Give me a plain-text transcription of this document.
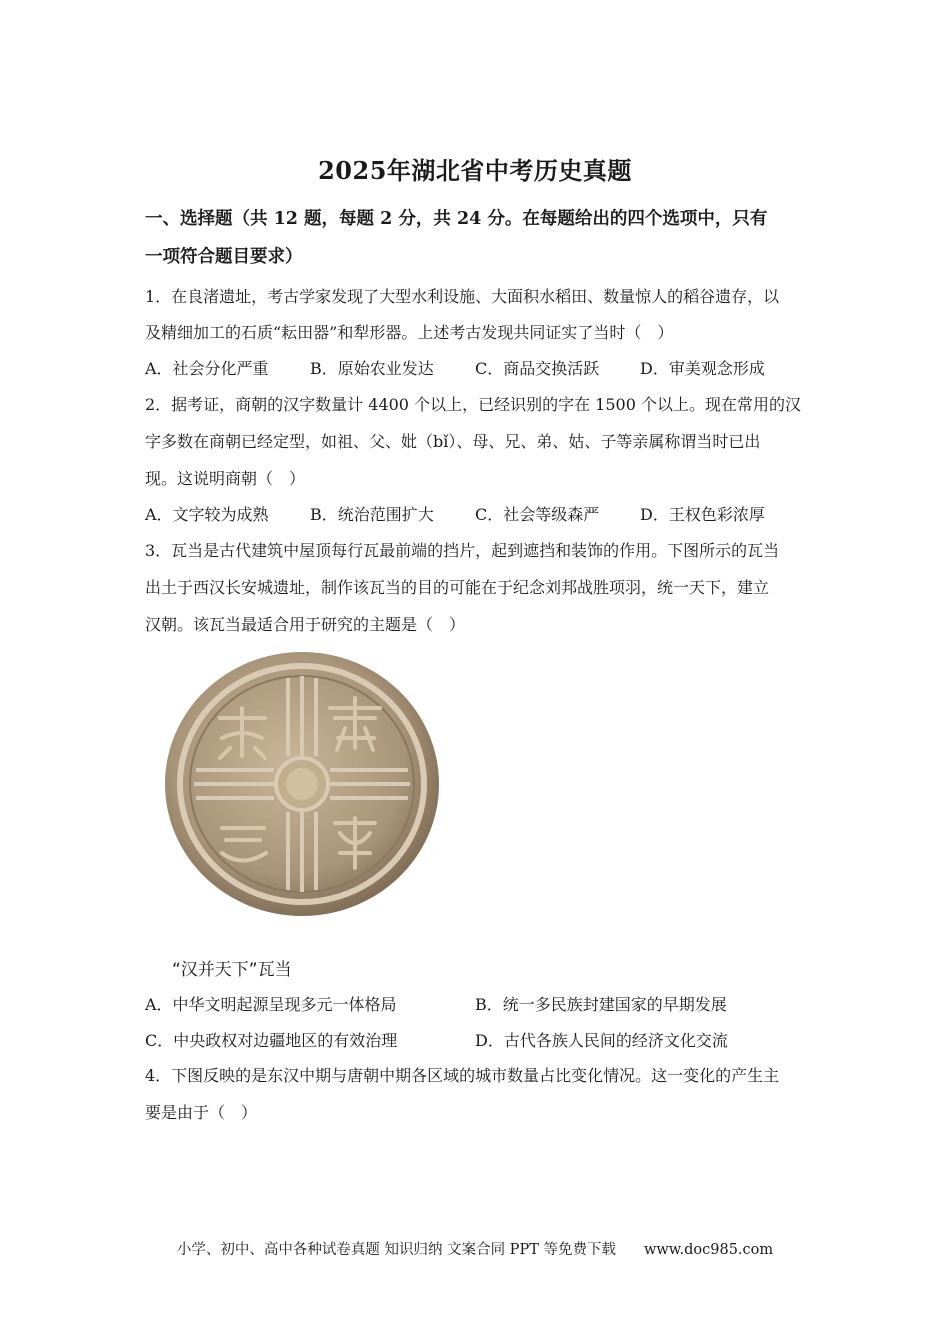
2025年湖北省中考历史真题
一、选择题（共 12 题，每题 2 分，共 24 分。在每题给出的四个选项中，只有
一项符合题目要求）
1．在良渚遗址，考古学家发现了大型水利设施、大面积水稻田、数量惊人的稻谷遗存，以
及精细加工的石质“耘田器”和犁形器。上述考古发现共同证实了当时（　）
A．社会分化严重	B．原始农业发达	C．商品交换活跃	D．审美观念形成
2．据考证，商朝的汉字数量计 4400 个以上，已经识别的字在 1500 个以上。现在常用的汉
字多数在商朝已经定型，如祖、父、妣（bǐ）、母、兄、弟、姑、子等亲属称谓当时已出
现。这说明商朝（　）
A．文字较为成熟	B．统治范围扩大	C．社会等级森严	D．王权色彩浓厚
3．瓦当是古代建筑中屋顶每行瓦最前端的挡片，起到遮挡和装饰的作用。下图所示的瓦当
出土于西汉长安城遗址，制作该瓦当的目的可能在于纪念刘邦战胜项羽，统一天下，建立
汉朝。该瓦当最适合用于研究的主题是（　）
“汉并天下”瓦当
A．中华文明起源呈现多元一体格局	B．统一多民族封建国家的早期发展
C．中央政权对边疆地区的有效治理	D．古代各族人民间的经济文化交流
4．下图反映的是东汉中期与唐朝中期各区域的城市数量占比变化情况。这一变化的产生主
要是由于（　）
小学、初中、高中各种试卷真题 知识归纳 文案合同 PPT 等免费下载 www.doc985.com
